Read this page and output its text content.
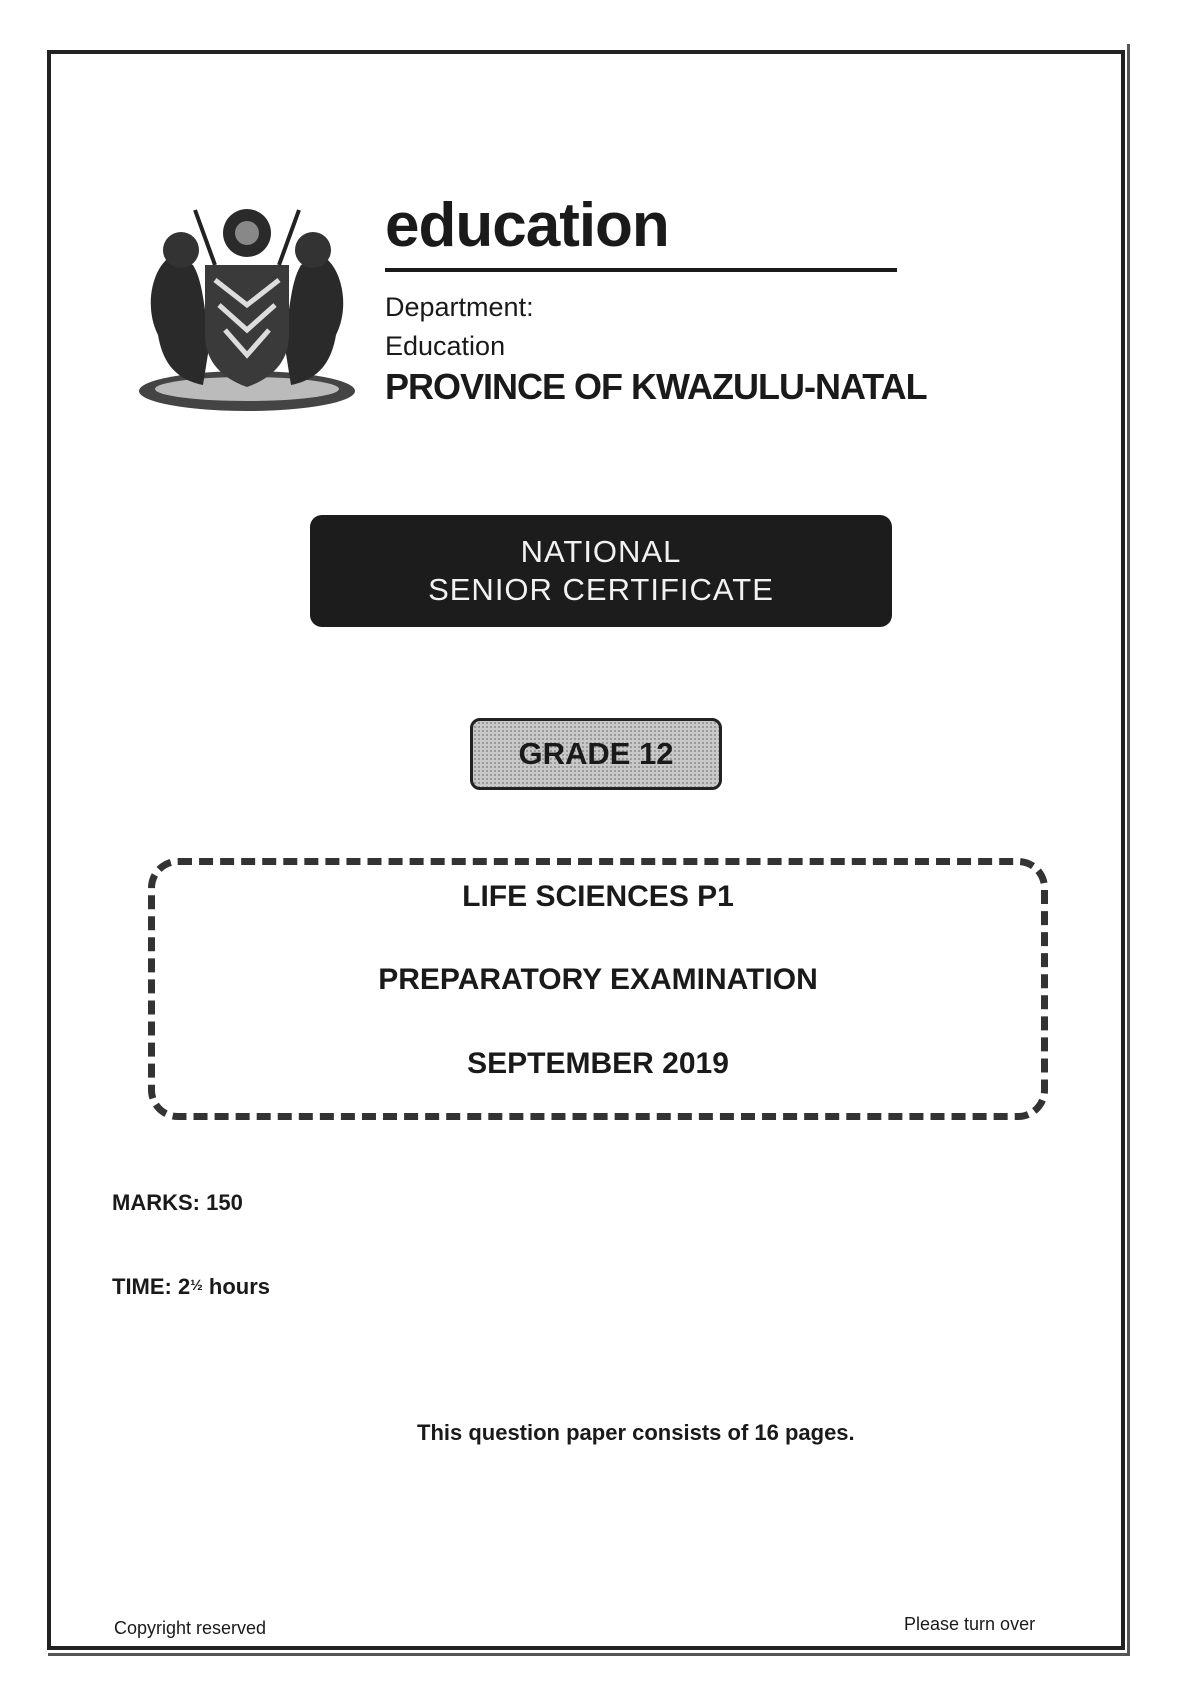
education
Department:
Education
PROVINCE OF KWAZULU-NATAL
NATIONAL
SENIOR CERTIFICATE
GRADE 12
LIFE SCIENCES P1
PREPARATORY EXAMINATION
SEPTEMBER 2019
MARKS: 150
TIME: 2½ hours
This question paper consists of 16 pages.
Copyright reserved	Please turn over
